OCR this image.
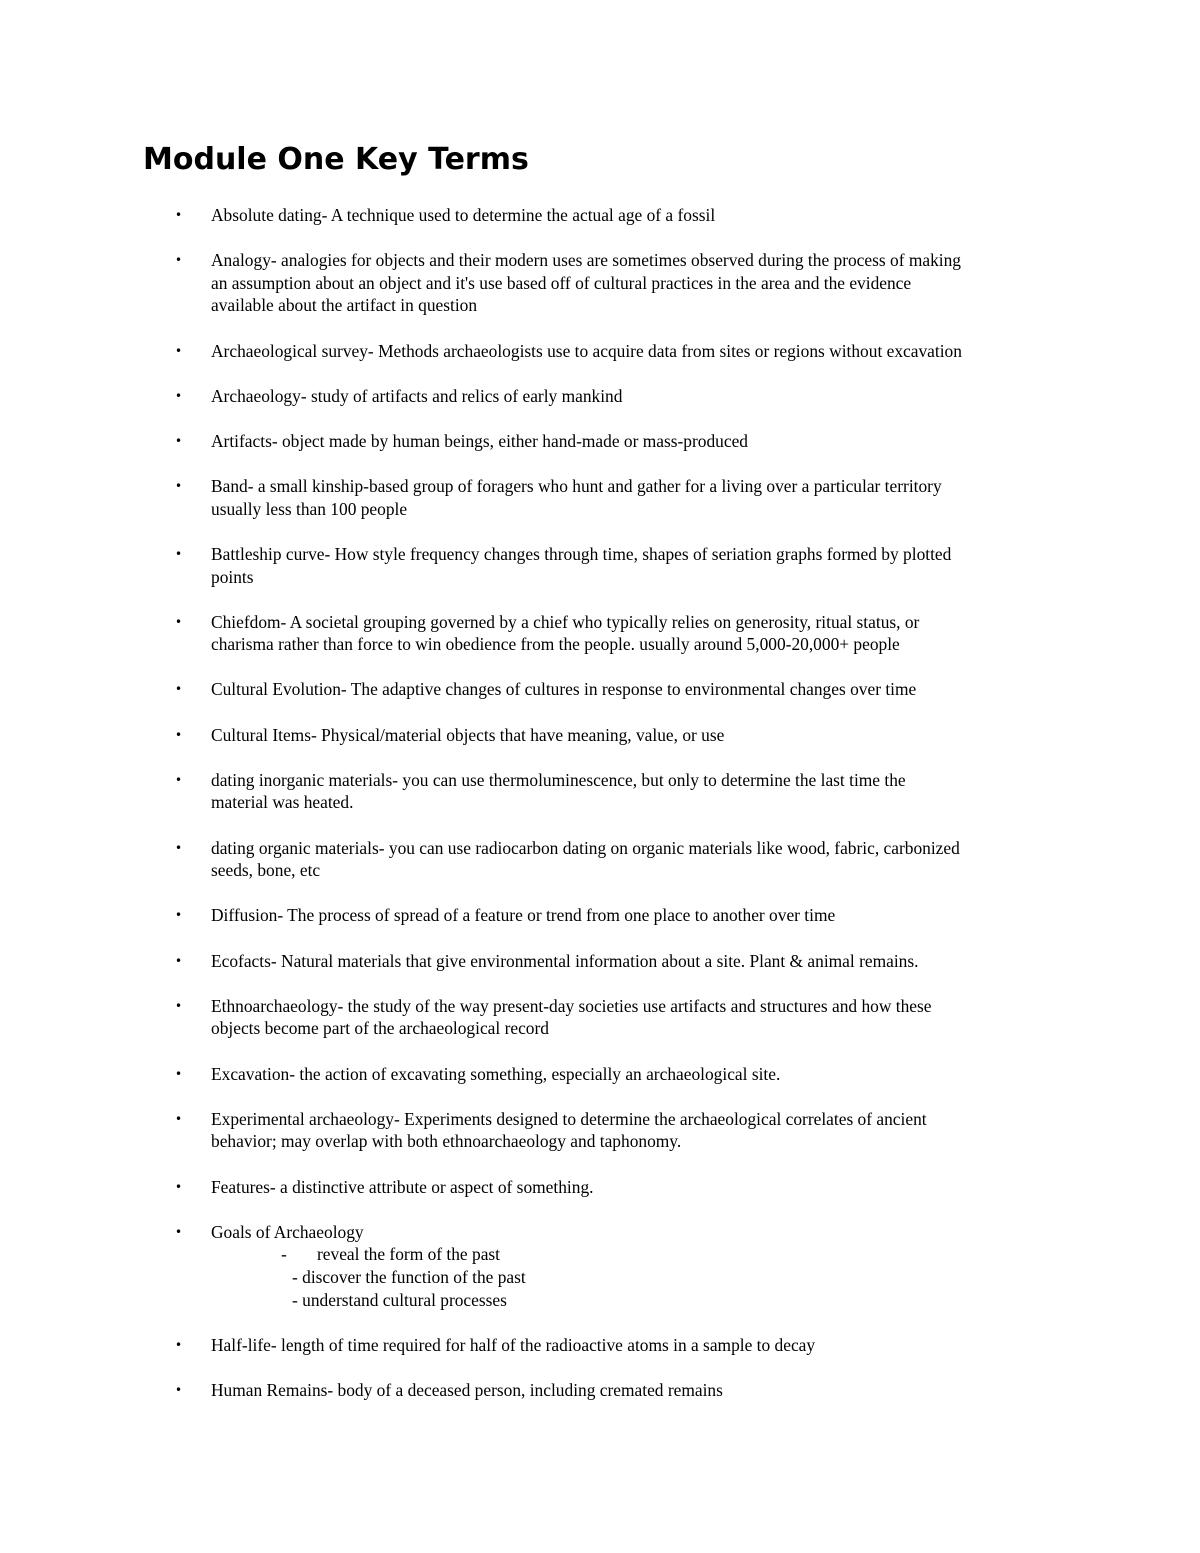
Module One Key Terms
• Absolute dating- A technique used to determine the actual age of a fossil
• Analogy- analogies for objects and their modern uses are sometimes observed during the process of making
an assumption about an object and it's use based off of cultural practices in the area and the evidence
available about the artifact in question
• Archaeological survey- Methods archaeologists use to acquire data from sites or regions without excavation
• Archaeology- study of artifacts and relics of early mankind
• Artifacts- object made by human beings, either hand-made or mass-produced
• Band- a small kinship-based group of foragers who hunt and gather for a living over a particular territory
usually less than 100 people
• Battleship curve- How style frequency changes through time, shapes of seriation graphs formed by plotted
points
• Chiefdom- A societal grouping governed by a chief who typically relies on generosity, ritual status, or
charisma rather than force to win obedience from the people. usually around 5,000-20,000+ people
• Cultural Evolution- The adaptive changes of cultures in response to environmental changes over time
• Cultural Items- Physical/material objects that have meaning, value, or use
• dating inorganic materials- you can use thermoluminescence, but only to determine the last time the
material was heated.
• dating organic materials- you can use radiocarbon dating on organic materials like wood, fabric, carbonized
seeds, bone, etc
• Diffusion- The process of spread of a feature or trend from one place to another over time
• Ecofacts- Natural materials that give environmental information about a site. Plant & animal remains.
• Ethnoarchaeology- the study of the way present-day societies use artifacts and structures and how these
objects become part of the archaeological record
• Excavation- the action of excavating something, especially an archaeological site.
• Experimental archaeology- Experiments designed to determine the archaeological correlates of ancient
behavior; may overlap with both ethnoarchaeology and taphonomy.
• Features- a distinctive attribute or aspect of something.
• Goals of Archaeology
- reveal the form of the past
- discover the function of the past
- understand cultural processes
• Half-life- length of time required for half of the radioactive atoms in a sample to decay
• Human Remains- body of a deceased person, including cremated remains
